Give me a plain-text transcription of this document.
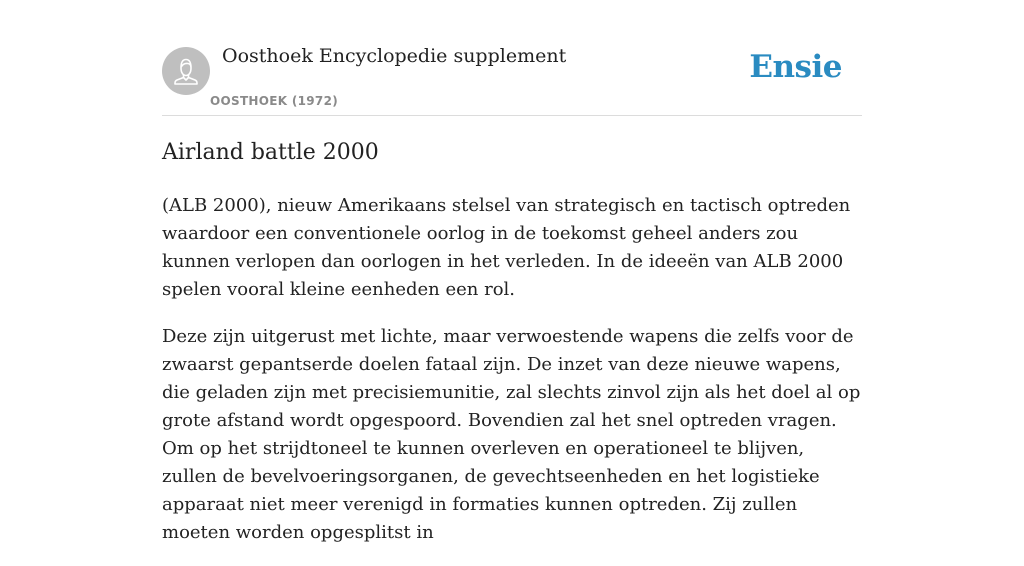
Oosthoek Encyclopedie supplement
OOSTHOEK (1972)
Ensie
Airland battle 2000

(ALB 2000), nieuw Amerikaans stelsel van strategisch en tactisch optreden waardoor een conventionele oorlog in de toekomst geheel anders zou kunnen verlopen dan oorlogen in het verleden. In de ideeën van ALB 2000 spelen vooral kleine eenheden een rol.

Deze zijn uitgerust met lichte, maar verwoestende wapens die zelfs voor de zwaarst gepantserde doelen fataal zijn. De inzet van deze nieuwe wapens, die geladen zijn met precisiemunitie, zal slechts zinvol zijn als het doel al op grote afstand wordt opgespoord. Bovendien zal het snel optreden vragen. Om op het strijdtoneel te kunnen overleven en operationeel te blijven, zullen de bevelvoeringsorganen, de gevechtseenheden en het logistieke apparaat niet meer verenigd in formaties kunnen optreden. Zij zullen moeten worden opgesplitst in
